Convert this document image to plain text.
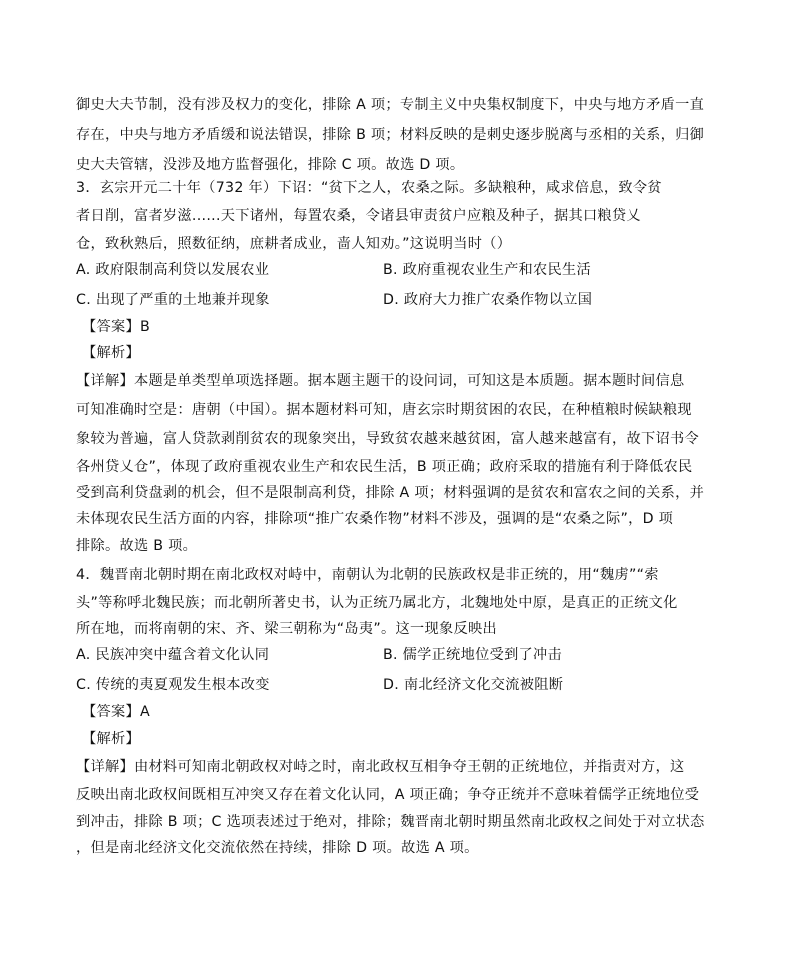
御史大夫节制，没有涉及权力的变化，排除 A 项；专制主义中央集权制度下，中央与地方矛盾一直
存在，中央与地方矛盾缓和说法错误，排除 B 项；材料反映的是刺史逐步脱离与丞相的关系，归御
史大夫管辖，没涉及地方监督强化，排除 C 项。故选 D 项。
3．玄宗开元二十年（732 年）下诏：“贫下之人，农桑之际。多缺粮种，咸求倍息，致令贫
者日削，富者岁滋......天下诸州，每置农桑，令诸县审责贫户应粮及种子，据其口粮贷乂
仓，致秋熟后，照数征纳，庶耕者成业，啬人知劝。”这说明当时（）
A. 政府限制高利贷以发展农业	B. 政府重视农业生产和农民生活
C. 出现了严重的土地兼并现象	D. 政府大力推广农桑作物以立国
【答案】B
【解析】
【详解】本题是单类型单项选择题。据本题主题干的设问词，可知这是本质题。据本题时间信息
可知准确时空是：唐朝（中国）。据本题材料可知，唐玄宗时期贫困的农民，在种植粮时候缺粮现
象较为普遍，富人贷款剥削贫农的现象突出，导致贫农越来越贫困，富人越来越富有，故下诏书令
各州贷乂仓”，体现了政府重视农业生产和农民生活，B 项正确；政府采取的措施有利于降低农民
受到高利贷盘剥的机会，但不是限制高利贷，排除 A 项；材料强调的是贫农和富农之间的关系，并
未体现农民生活方面的内容，排除项“推广农桑作物”材料不涉及，强调的是“农桑之际”，D 项
排除。故选 B 项。
4．魏晋南北朝时期在南北政权对峙中，南朝认为北朝的民族政权是非正统的，用“魏虏”“索
头”等称呼北魏民族；而北朝所著史书，认为正统乃属北方，北魏地处中原，是真正的正统文化
所在地，而将南朝的宋、齐、梁三朝称为“岛夷”。这一现象反映出
A. 民族冲突中蕴含着文化认同	B. 儒学正统地位受到了冲击
C. 传统的夷夏观发生根本改变	D. 南北经济文化交流被阻断
【答案】A
【解析】
【详解】由材料可知南北朝政权对峙之时，南北政权互相争夺王朝的正统地位，并指责对方，这
反映出南北政权间既相互冲突又存在着文化认同，A 项正确；争夺正统并不意味着儒学正统地位受
到冲击，排除 B 项；C 选项表述过于绝对，排除；魏晋南北朝时期虽然南北政权之间处于对立状态
，但是南北经济文化交流依然在持续，排除 D 项。故选 A 项。
